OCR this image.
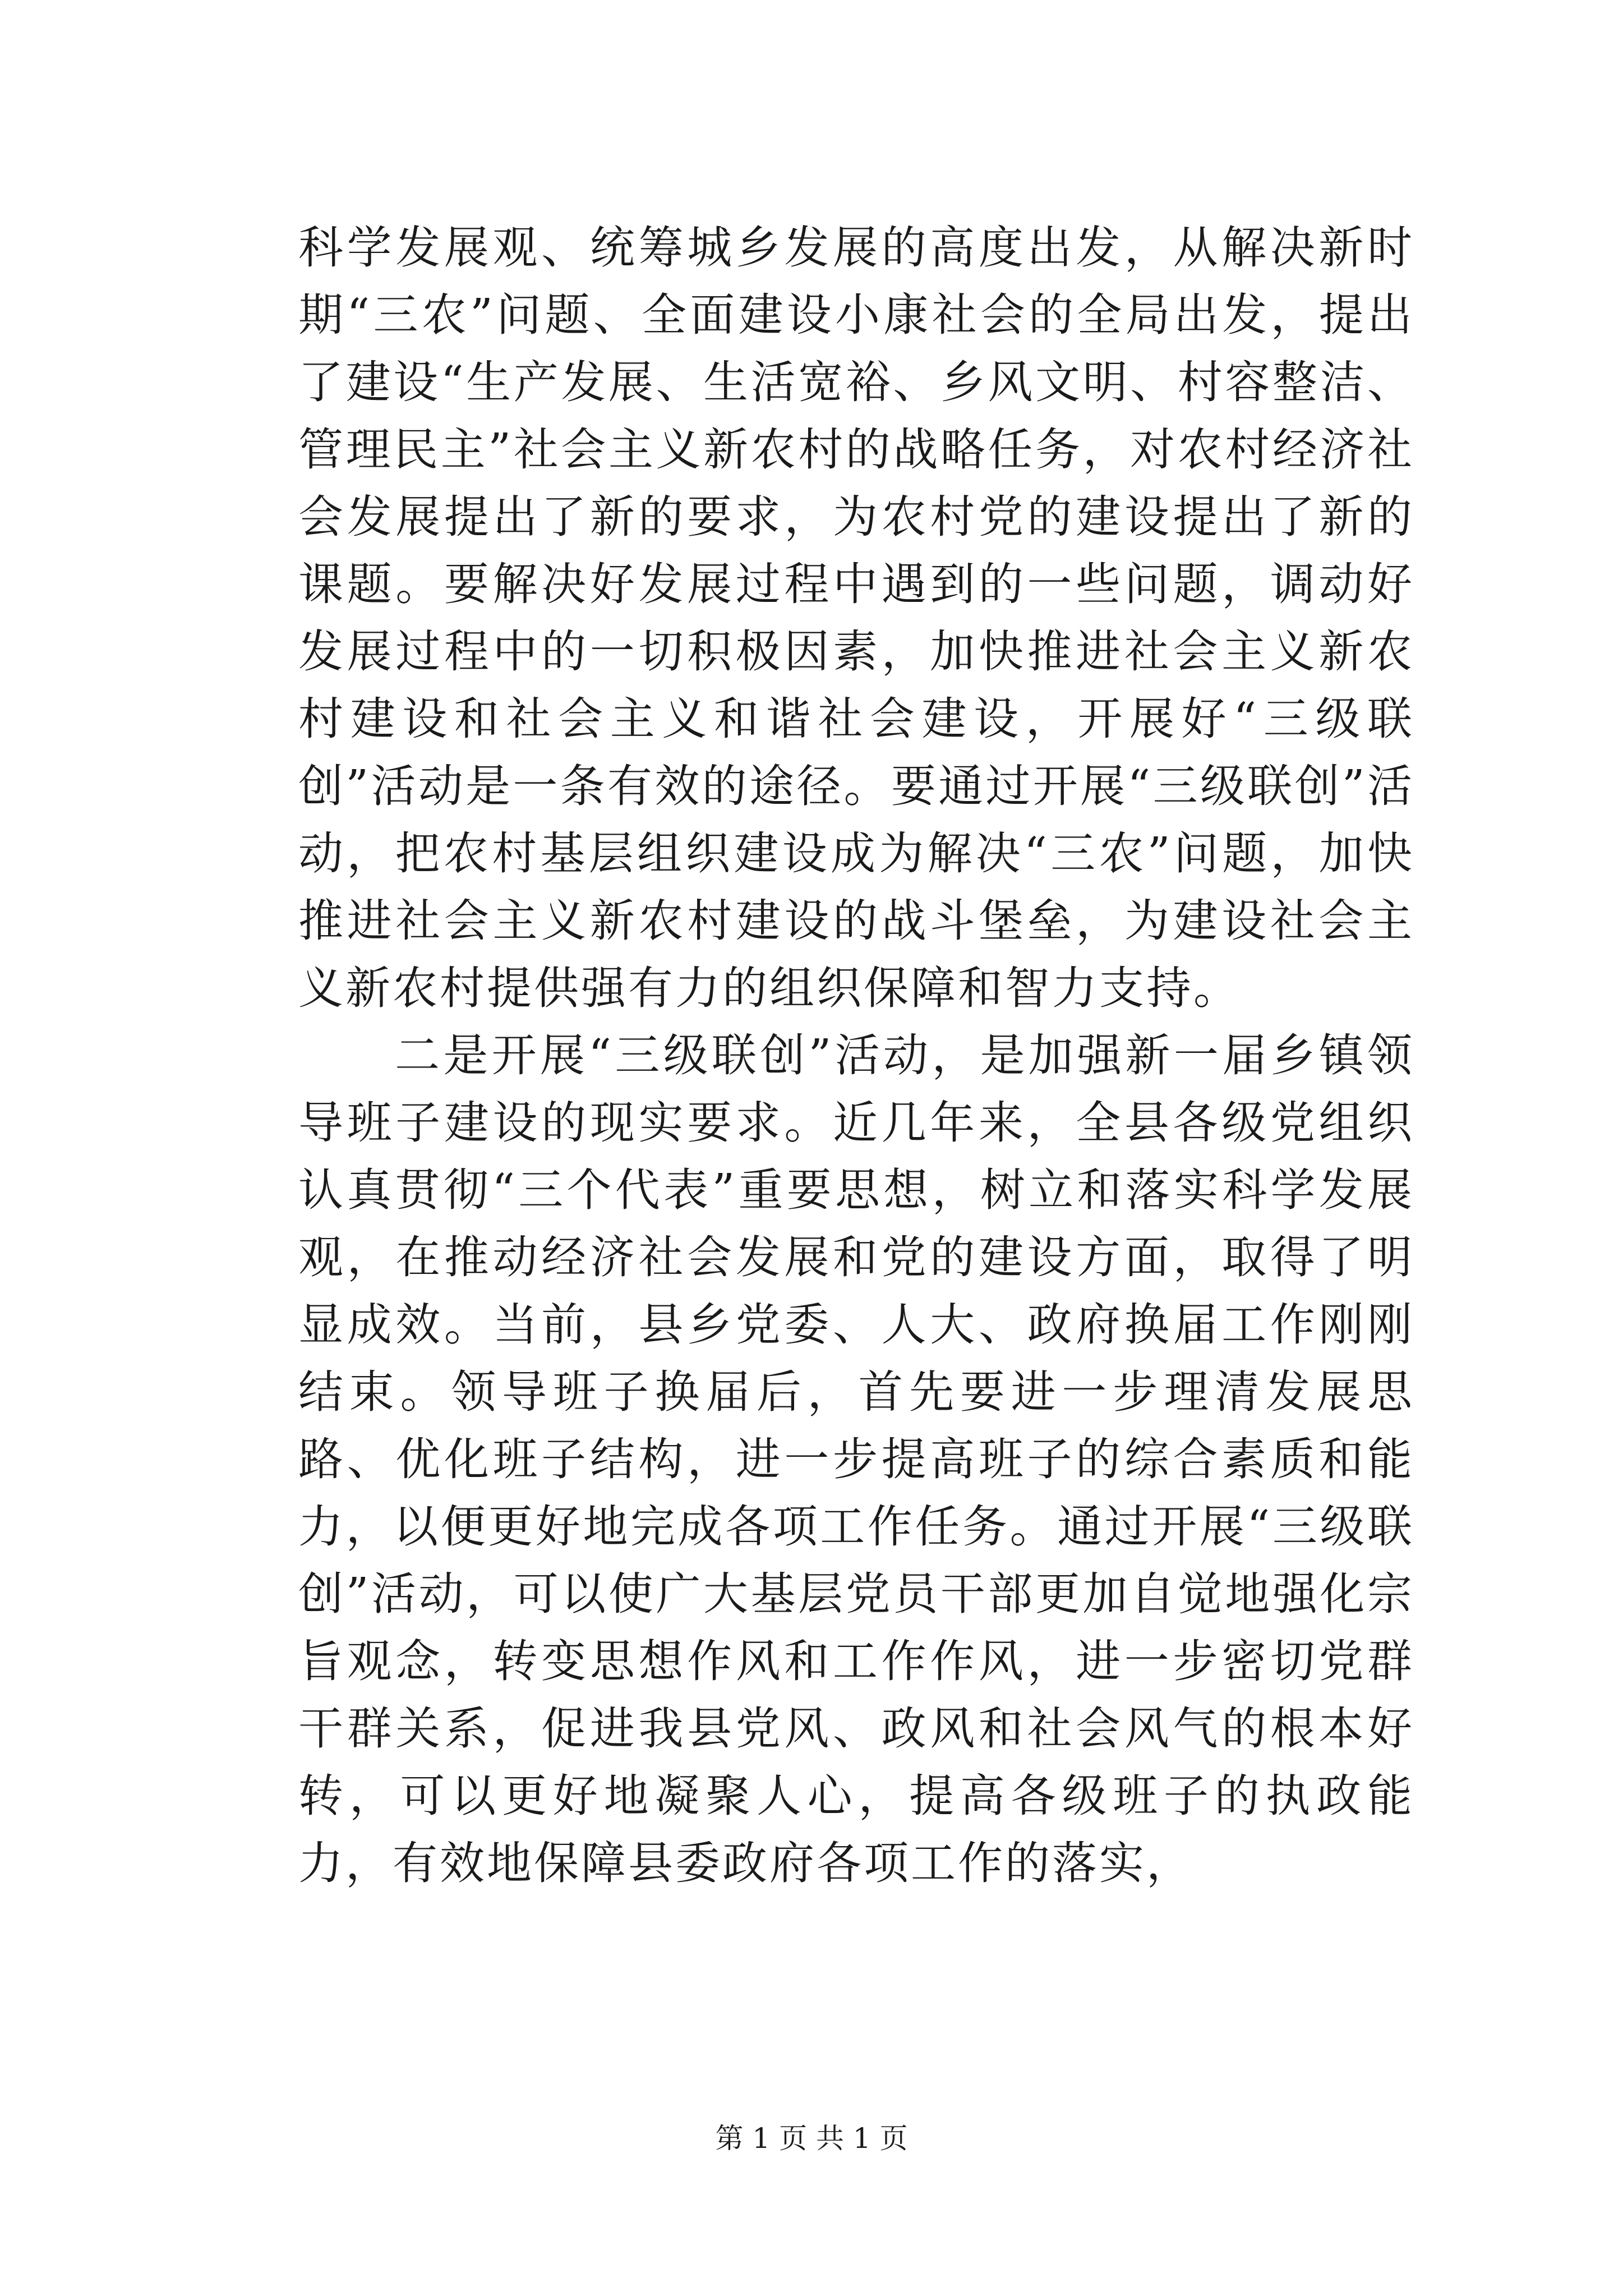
科学发展观、统筹城乡发展的高度出发，从解决新时期“三农”问题、全面建设小康社会的全局出发，提出了建设“生产发展、生活宽裕、乡风文明、村容整洁、管理民主”社会主义新农村的战略任务，对农村经济社会发展提出了新的要求，为农村党的建设提出了新的课题。要解决好发展过程中遇到的一些问题，调动好发展过程中的一切积极因素，加快推进社会主义新农村建设和社会主义和谐社会建设，开展好“三级联创”活动是一条有效的途径。要通过开展“三级联创”活动，把农村基层组织建设成为解决“三农”问题，加快推进社会主义新农村建设的战斗堡垒，为建设社会主义新农村提供强有力的组织保障和智力支持。

二是开展“三级联创”活动，是加强新一届乡镇领导班子建设的现实要求。近几年来，全县各级党组织认真贯彻“三个代表”重要思想，树立和落实科学发展观，在推动经济社会发展和党的建设方面，取得了明显成效。当前，县乡党委、人大、政府换届工作刚刚结束。领导班子换届后，首先要进一步理清发展思路、优化班子结构，进一步提高班子的综合素质和能力，以便更好地完成各项工作任务。通过开展“三级联创”活动，可以使广大基层党员干部更加自觉地强化宗旨观念，转变思想作风和工作作风，进一步密切党群干群关系，促进我县党风、政风和社会风气的根本好转，可以更好地凝聚人心，提高各级班子的执政能力，有效地保障县委政府各项工作的落实，

第 1 页 共 1 页
